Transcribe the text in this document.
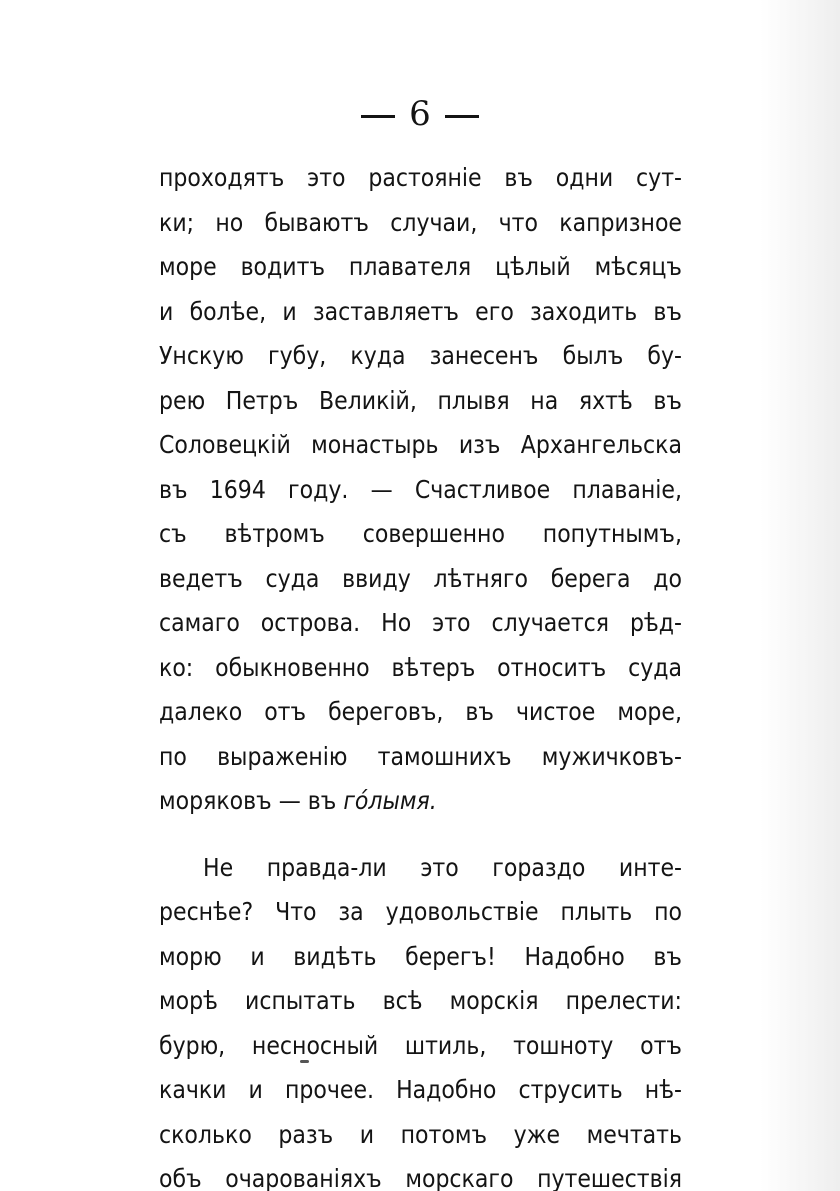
6
проходятъ это растояніе въ одни сут-
ки; но бываютъ случаи, что капризное
море водитъ плавателя цѣлый мѣсяцъ
и болѣе, и заставляетъ его заходить въ
Унскую губу, куда занесенъ былъ бу-
рею Петръ Великій, плывя на яхтѣ въ
Соловецкій монастырь изъ Архангельска
въ 1694 году. — Счастливое плаваніе,
съ вѣтромъ совершенно попутнымъ,
ведетъ суда ввиду лѣтняго берега до
самаго острова. Но это случается рѣд-
ко: обыкновенно вѣтеръ относитъ суда
далеко отъ береговъ, въ чистое море,
по выраженію тамошнихъ мужичковъ-
моряковъ — въ гóлымя.
Не правда-ли это гораздо инте-
реснѣе? Что за удовольствіе плыть по
морю и видѣть берегъ! Надобно въ
морѣ испытать всѣ морскія прелести:
бурю, несносный штиль, тошноту отъ
качки и прочее. Надобно струсить нѣ-
сколько разъ и потомъ уже мечтать
объ очарованіяхъ морскаго путешествія
